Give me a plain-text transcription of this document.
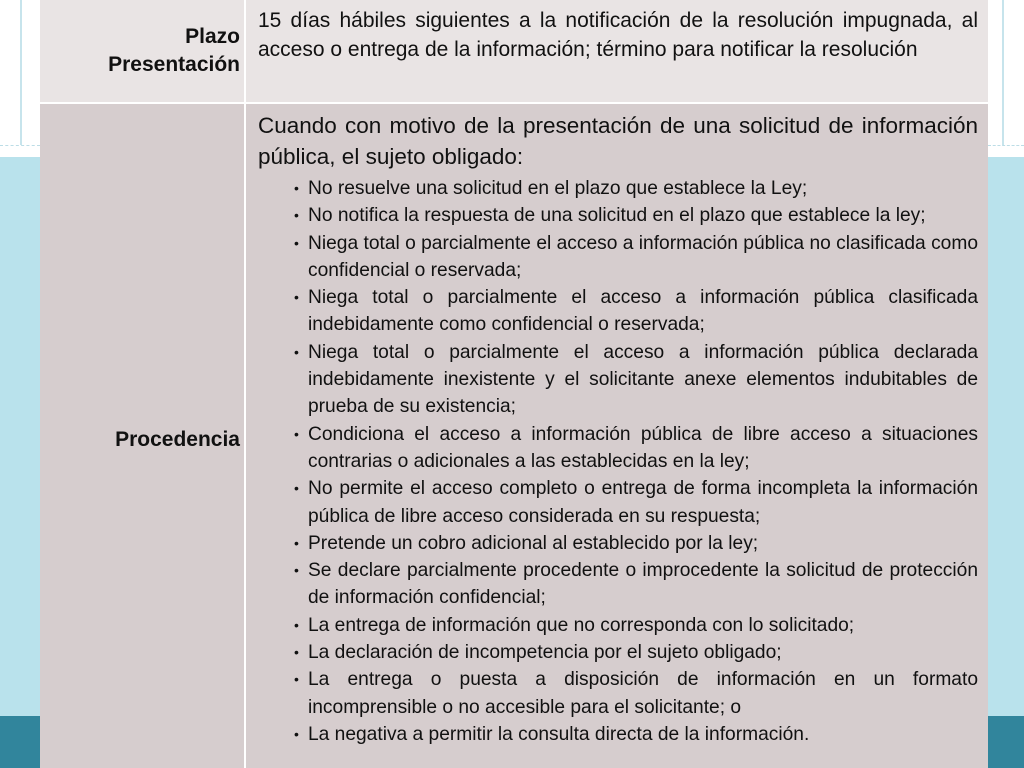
Plazo
Presentación
15 días hábiles siguientes a la notificación de la resolución impugnada, al acceso o entrega de la información; término para notificar la resolución
Procedencia
Cuando con motivo de la presentación de una solicitud de información pública, el sujeto obligado:
• No resuelve una solicitud en el plazo que establece la Ley;
• No notifica la respuesta de una solicitud en el plazo que establece la ley;
• Niega total o parcialmente el acceso a información pública no clasificada como confidencial o reservada;
• Niega total o parcialmente el acceso a información pública clasificada indebidamente como confidencial o reservada;
• Niega total o parcialmente el acceso a información pública declarada indebidamente inexistente y el solicitante anexe elementos indubitables de prueba de su existencia;
• Condiciona el acceso a información pública de libre acceso a situaciones contrarias o adicionales a las establecidas en la ley;
• No permite el acceso completo o entrega de forma incompleta la información pública de libre acceso considerada en su respuesta;
• Pretende un cobro adicional al establecido por la ley;
• Se declare parcialmente procedente o improcedente la solicitud de protección de información confidencial;
• La entrega de información que no corresponda con lo solicitado;
• La declaración de incompetencia por el sujeto obligado;
• La entrega o puesta a disposición de información en un formato incomprensible o no accesible para el solicitante; o
• La negativa a permitir la consulta directa de la información.
